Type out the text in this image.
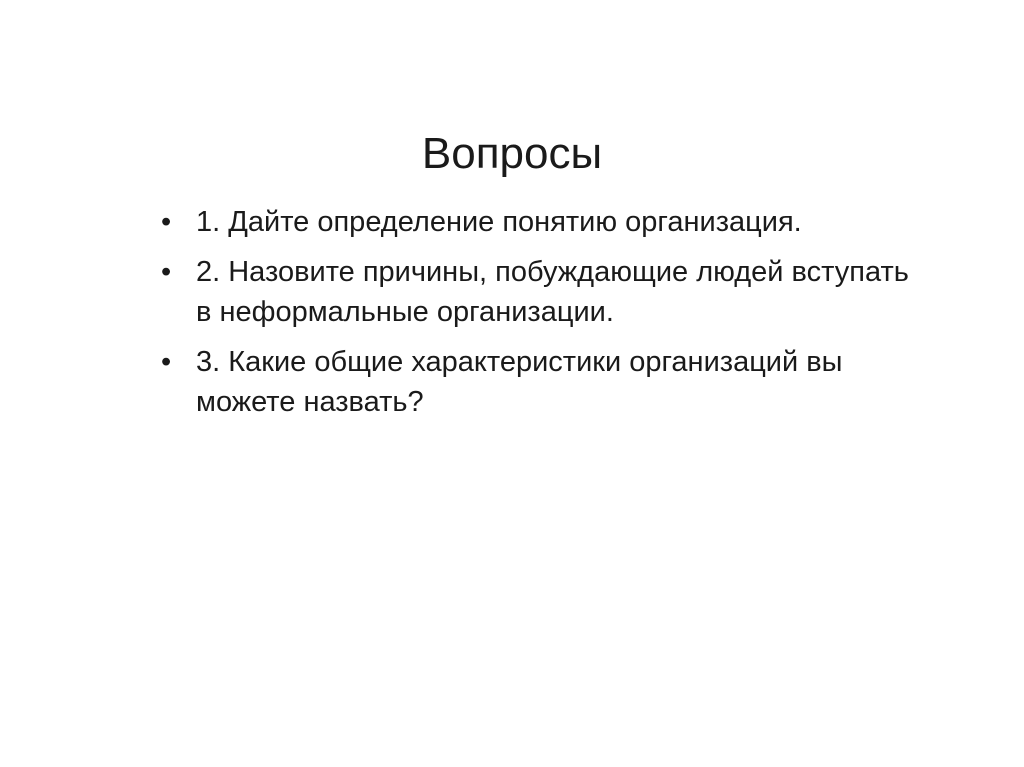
Вопросы
• 1. Дайте определение понятию организация.
• 2. Назовите причины, побуждающие людей вступать в неформальные организации.
• 3. Какие общие характеристики организаций вы можете назвать?
